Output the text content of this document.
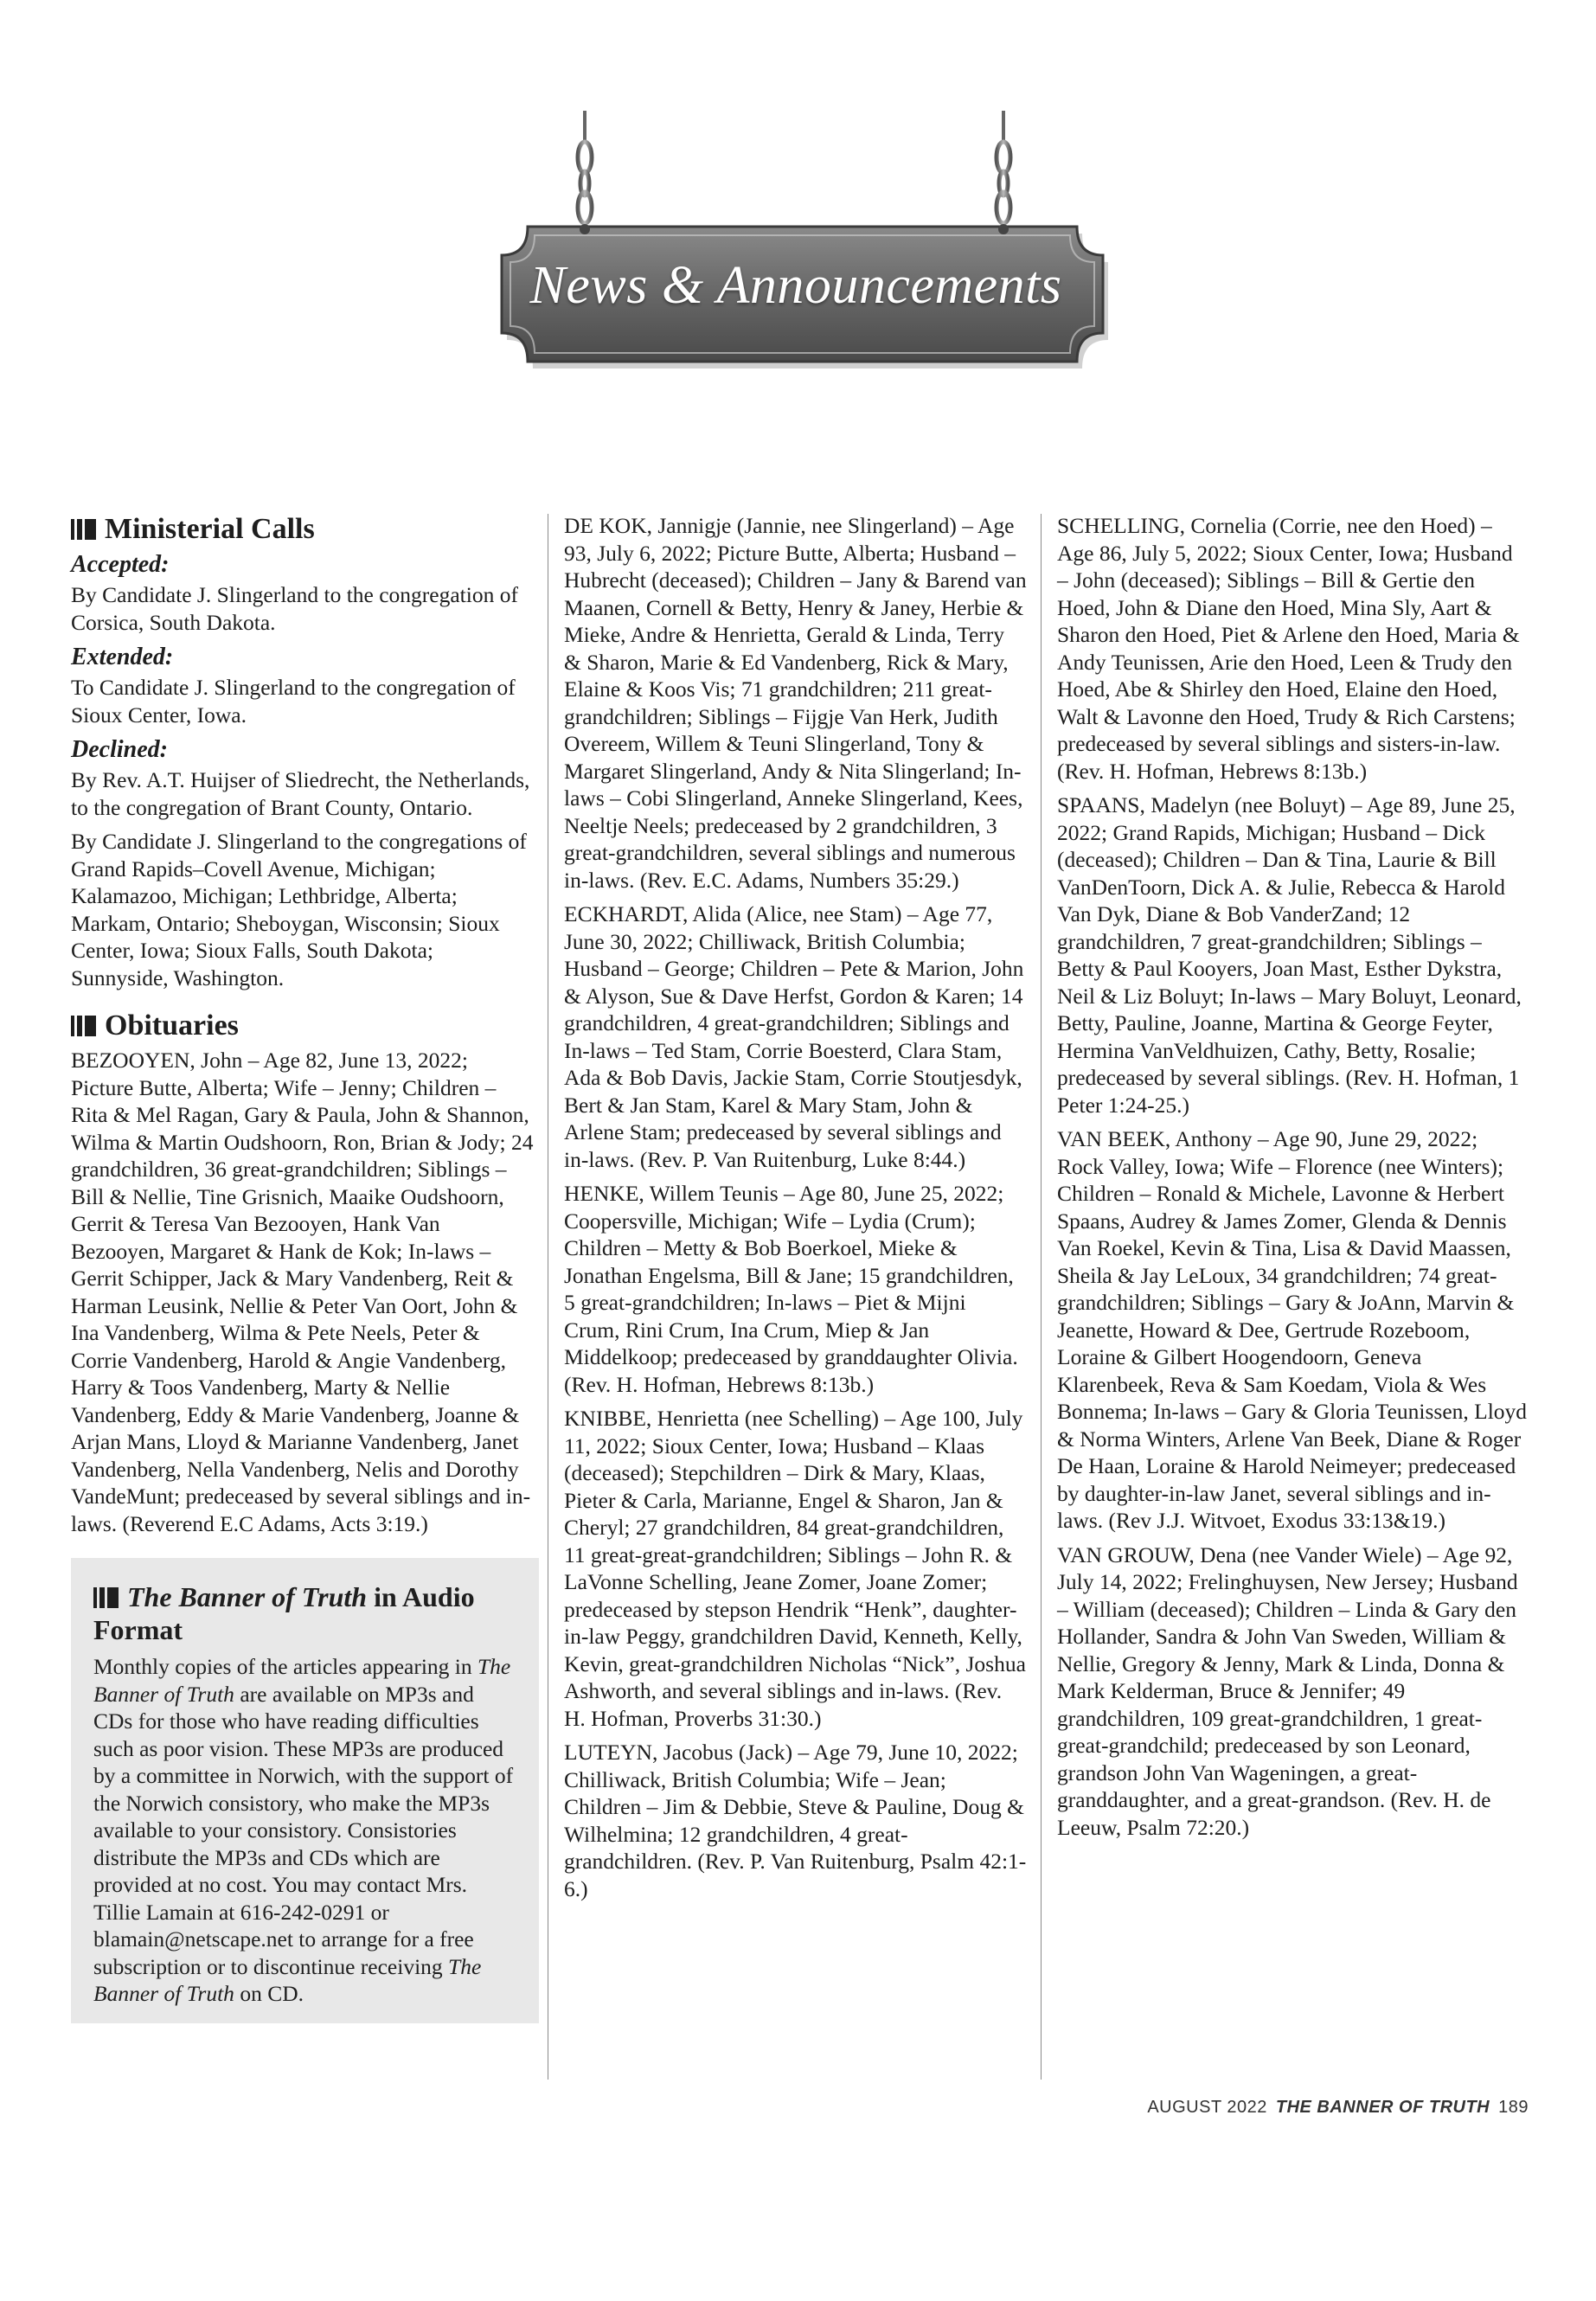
News & Announcements
Ministerial Calls
Accepted:

By Candidate J. Slingerland to the congregation of Corsica, South Dakota.

Extended:

To Candidate J. Slingerland to the congregation of Sioux Center, Iowa.

Declined:

By Rev. A.T. Huijser of Sliedrecht, the Netherlands, to the congregation of Brant County, Ontario.

By Candidate J. Slingerland to the congregations of Grand Rapids–Covell Avenue, Michigan; Kalamazoo, Michigan; Lethbridge, Alberta; Markam, Ontario; Sheboygan, Wisconsin; Sioux Center, Iowa; Sioux Falls, South Dakota; Sunnyside, Washington.

Obituaries

BEZOOYEN, John – Age 82, June 13, 2022; Picture Butte, Alberta; Wife – Jenny; Children – Rita & Mel Ragan, Gary & Paula, John & Shannon, Wilma & Martin Oudshoorn, Ron, Brian & Jody; 24 grandchildren, 36 great-grandchildren; Siblings – Bill & Nellie, Tine Grisnich, Maaike Oudshoorn, Gerrit & Teresa Van Bezooyen, Hank Van Bezooyen, Margaret & Hank de Kok; In-laws – Gerrit Schipper, Jack & Mary Vandenberg, Reit & Harman Leusink, Nellie & Peter Van Oort, John & Ina Vandenberg, Wilma & Pete Neels, Peter & Corrie Vandenberg, Harold & Angie Vandenberg, Harry & Toos Vandenberg, Marty & Nellie Vandenberg, Eddy & Marie Vandenberg, Joanne & Arjan Mans, Lloyd & Marianne Vandenberg, Janet Vandenberg, Nella Vandenberg, Nelis and Dorothy VandeMunt; predeceased by several siblings and in-laws. (Reverend E.C Adams, Acts 3:19.)

The Banner of Truth in Audio Format

Monthly copies of the articles appearing in The Banner of Truth are available on MP3s and CDs for those who have reading difficulties such as poor vision. These MP3s are produced by a committee in Norwich, with the support of the Norwich consistory, who make the MP3s available to your consistory. Consistories distribute the MP3s and CDs which are provided at no cost. You may contact Mrs. Tillie Lamain at 616-242-0291 or blamain@netscape.net to arrange for a free subscription or to discontinue receiving The Banner of Truth on CD.

DE KOK, Jannigje (Jannie, nee Slingerland) – Age 93, July 6, 2022; Picture Butte, Alberta; Husband – Hubrecht (deceased); Children – Jany & Barend van Maanen, Cornell & Betty, Henry & Janey, Herbie & Mieke, Andre & Henrietta, Gerald & Linda, Terry & Sharon, Marie & Ed Vandenberg, Rick & Mary, Elaine & Koos Vis; 71 grandchildren; 211 great-grandchildren; Siblings – Fijgje Van Herk, Judith Overeem, Willem & Teuni Slingerland, Tony & Margaret Slingerland, Andy & Nita Slingerland; In-laws – Cobi Slingerland, Anneke Slingerland, Kees, Neeltje Neels; predeceased by 2 grandchildren, 3 great-grandchildren, several siblings and numerous in-laws. (Rev. E.C. Adams, Numbers 35:29.)

ECKHARDT, Alida (Alice, nee Stam) – Age 77, June 30, 2022; Chilliwack, British Columbia; Husband – George; Children – Pete & Marion, John & Alyson, Sue & Dave Herfst, Gordon & Karen; 14 grandchildren, 4 great-grandchildren; Siblings and In-laws – Ted Stam, Corrie Boesterd, Clara Stam, Ada & Bob Davis, Jackie Stam, Corrie Stoutjesdyk, Bert & Jan Stam, Karel & Mary Stam, John & Arlene Stam; predeceased by several siblings and in-laws. (Rev. P. Van Ruitenburg, Luke 8:44.)

HENKE, Willem Teunis – Age 80, June 25, 2022; Coopersville, Michigan; Wife – Lydia (Crum); Children – Metty & Bob Boerkoel, Mieke & Jonathan Engelsma, Bill & Jane; 15 grandchildren, 5 great-grandchildren; In-laws – Piet & Mijni Crum, Rini Crum, Ina Crum, Miep & Jan Middelkoop; predeceased by granddaughter Olivia. (Rev. H. Hofman, Hebrews 8:13b.)

KNIBBE, Henrietta (nee Schelling) – Age 100, July 11, 2022; Sioux Center, Iowa; Husband – Klaas (deceased); Stepchildren – Dirk & Mary, Klaas, Pieter & Carla, Marianne, Engel & Sharon, Jan & Cheryl; 27 grandchildren, 84 great-grandchildren, 11 great-great-grandchildren; Siblings – John R. & LaVonne Schelling, Jeane Zomer, Joane Zomer; predeceased by stepson Hendrik “Henk”, daughter-in-law Peggy, grandchildren David, Kenneth, Kelly, Kevin, great-grandchildren Nicholas “Nick”, Joshua Ashworth, and several siblings and in-laws. (Rev. H. Hofman, Proverbs 31:30.)

LUTEYN, Jacobus (Jack) – Age 79, June 10, 2022; Chilliwack, British Columbia; Wife – Jean; Children – Jim & Debbie, Steve & Pauline, Doug & Wilhelmina; 12 grandchildren, 4 great-grandchildren. (Rev. P. Van Ruitenburg, Psalm 42:1-6.)

SCHELLING, Cornelia (Corrie, nee den Hoed) – Age 86, July 5, 2022; Sioux Center, Iowa; Husband – John (deceased); Siblings – Bill & Gertie den Hoed, John & Diane den Hoed, Mina Sly, Aart & Sharon den Hoed, Piet & Arlene den Hoed, Maria & Andy Teunissen, Arie den Hoed, Leen & Trudy den Hoed, Abe & Shirley den Hoed, Elaine den Hoed, Walt & Lavonne den Hoed, Trudy & Rich Carstens; predeceased by several siblings and sisters-in-law. (Rev. H. Hofman, Hebrews 8:13b.)

SPAANS, Madelyn (nee Boluyt) – Age 89, June 25, 2022; Grand Rapids, Michigan; Husband – Dick (deceased); Children – Dan & Tina, Laurie & Bill VanDenToorn, Dick A. & Julie, Rebecca & Harold Van Dyk, Diane & Bob VanderZand; 12 grandchildren, 7 great-grandchildren; Siblings – Betty & Paul Kooyers, Joan Mast, Esther Dykstra, Neil & Liz Boluyt; In-laws – Mary Boluyt, Leonard, Betty, Pauline, Joanne, Martina & George Feyter, Hermina VanVeldhuizen, Cathy, Betty, Rosalie; predeceased by several siblings. (Rev. H. Hofman, 1 Peter 1:24-25.)

VAN BEEK, Anthony – Age 90, June 29, 2022; Rock Valley, Iowa; Wife – Florence (nee Winters); Children – Ronald & Michele, Lavonne & Herbert Spaans, Audrey & James Zomer, Glenda & Dennis Van Roekel, Kevin & Tina, Lisa & David Maassen, Sheila & Jay LeLoux, 34 grandchildren; 74 great-grandchildren; Siblings – Gary & JoAnn, Marvin & Jeanette, Howard & Dee, Gertrude Rozeboom, Loraine & Gilbert Hoogendoorn, Geneva Klarenbeek, Reva & Sam Koedam, Viola & Wes Bonnema; In-laws – Gary & Gloria Teunissen, Lloyd & Norma Winters, Arlene Van Beek, Diane & Roger De Haan, Loraine & Harold Neimeyer; predeceased by daughter-in-law Janet, several siblings and in-laws. (Rev J.J. Witvoet, Exodus 33:13&19.)

VAN GROUW, Dena (nee Vander Wiele) – Age 92, July 14, 2022; Frelinghuysen, New Jersey; Husband – William (deceased); Children – Linda & Gary den Hollander, Sandra & John Van Sweden, William & Nellie, Gregory & Jenny, Mark & Linda, Donna & Mark Kelderman, Bruce & Jennifer; 49 grandchildren, 109 great-grandchildren, 1 great-great-grandchild; predeceased by son Leonard, grandson John Van Wageningen, a great-granddaughter, and a great-grandson. (Rev. H. de Leeuw, Psalm 72:20.)

AUGUST 2022 THE BANNER OF TRUTH 189
